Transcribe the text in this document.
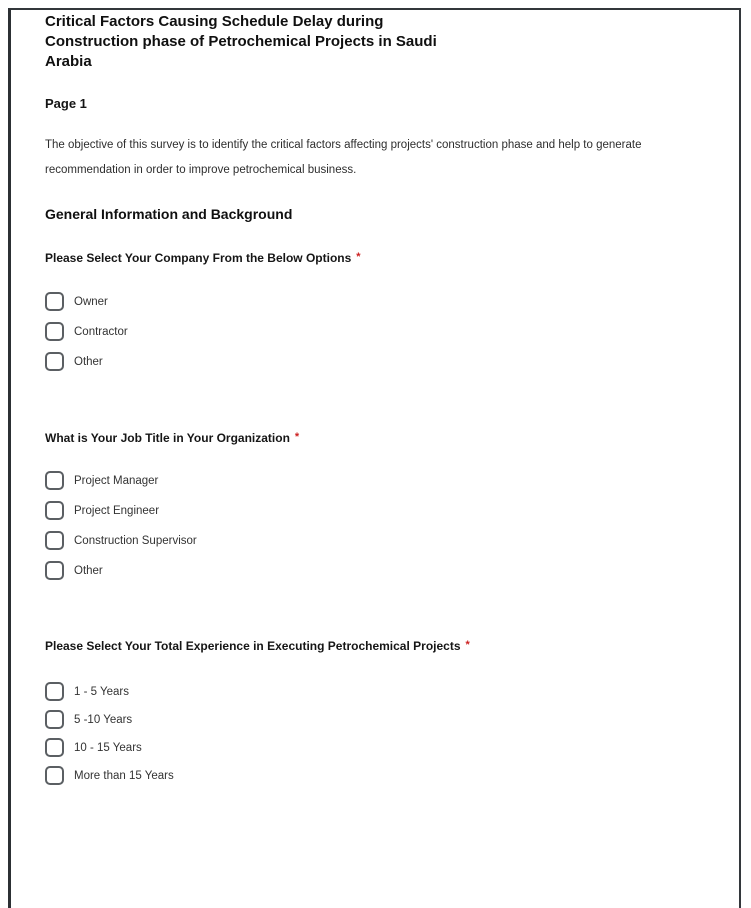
Critical Factors Causing Schedule Delay during
Construction phase of Petrochemical Projects in Saudi
Arabia
Page 1
The objective of this survey is to identify the critical factors affecting projects' construction phase and help to generate recommendation in order to improve petrochemical business.
General Information and Background
Please Select Your Company From the Below Options *
Owner
Contractor
Other
What is Your Job Title in Your Organization *
Project Manager
Project Engineer
Construction Supervisor
Other
Please Select Your Total Experience in Executing Petrochemical Projects *
1 - 5 Years
5 -10 Years
10 - 15 Years
More than 15 Years
